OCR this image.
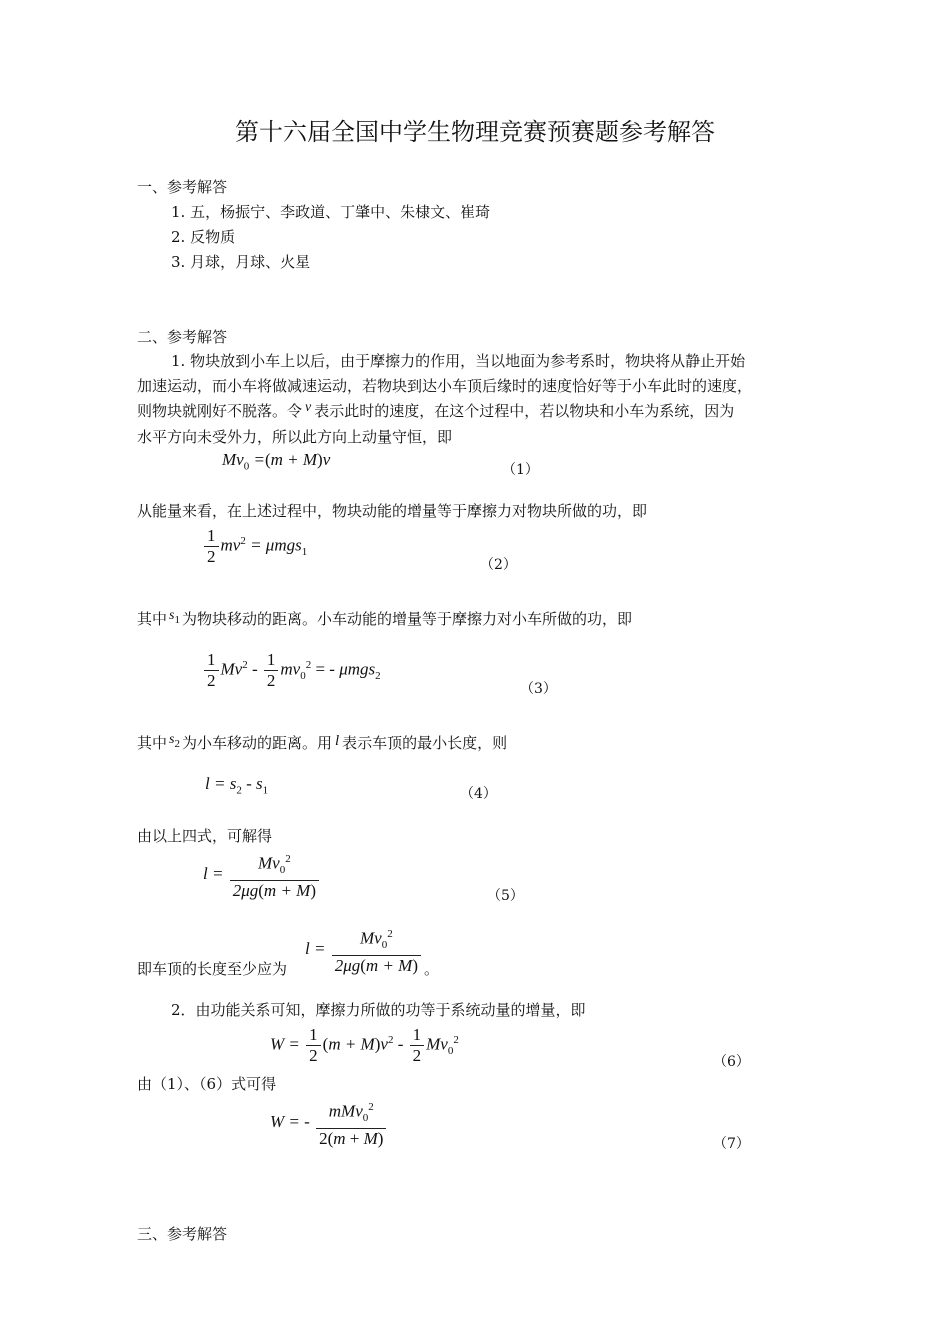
第十六届全国中学生物理竞赛预赛题参考解答
一、参考解答
1. 五，杨振宁、李政道、丁肇中、朱棣文、崔琦
2. 反物质
3. 月球，月球、火星
二、参考解答
1. 物块放到小车上以后，由于摩擦力的作用，当以地面为参考系时，物块将从静止开始
加速运动，而小车将做减速运动，若物块到达小车顶后缘时的速度恰好等于小车此时的速度，
则物块就刚好不脱落。令 v 表示此时的速度，在这个过程中，若以物块和小车为系统，因为
水平方向未受外力，所以此方向上动量守恒，即
$Mv_0 =(m + M)v$
（1）
从能量来看，在上述过程中，物块动能的增量等于摩擦力对物块所做的功，即
$\frac{1}{2} mv^2 = \mu mgs_1$
（2）
其中 $s_1$ 为物块移动的距离。小车动能的增量等于摩擦力对小车所做的功，即
$\frac{1}{2} Mv^2 - \frac{1}{2} mv_0^2$ = - μmgs$_2$
（3）
其中 $s_2$ 为小车移动的距离。用 l 表示车顶的最小长度，则
$l = s_2 - s_1$	（4）
由以上四式，可解得
$l = \frac{Mv_0^2}{2\mu g(m + M)}$	（5）
$l = \frac{Mv_0^2}{2\mu g(m + M)}$
即车顶的长度至少应为	。
2．由功能关系可知，摩擦力所做的功等于系统动量的增量，即
$W = \frac{1}{2} (m + M)v^2 - \frac{1}{2} Mv_0^2$
（6）
由（1）、（6）式可得
W = - $\frac{mMv_0^2}{2(m + M)}$	（7）
三、参考解答
